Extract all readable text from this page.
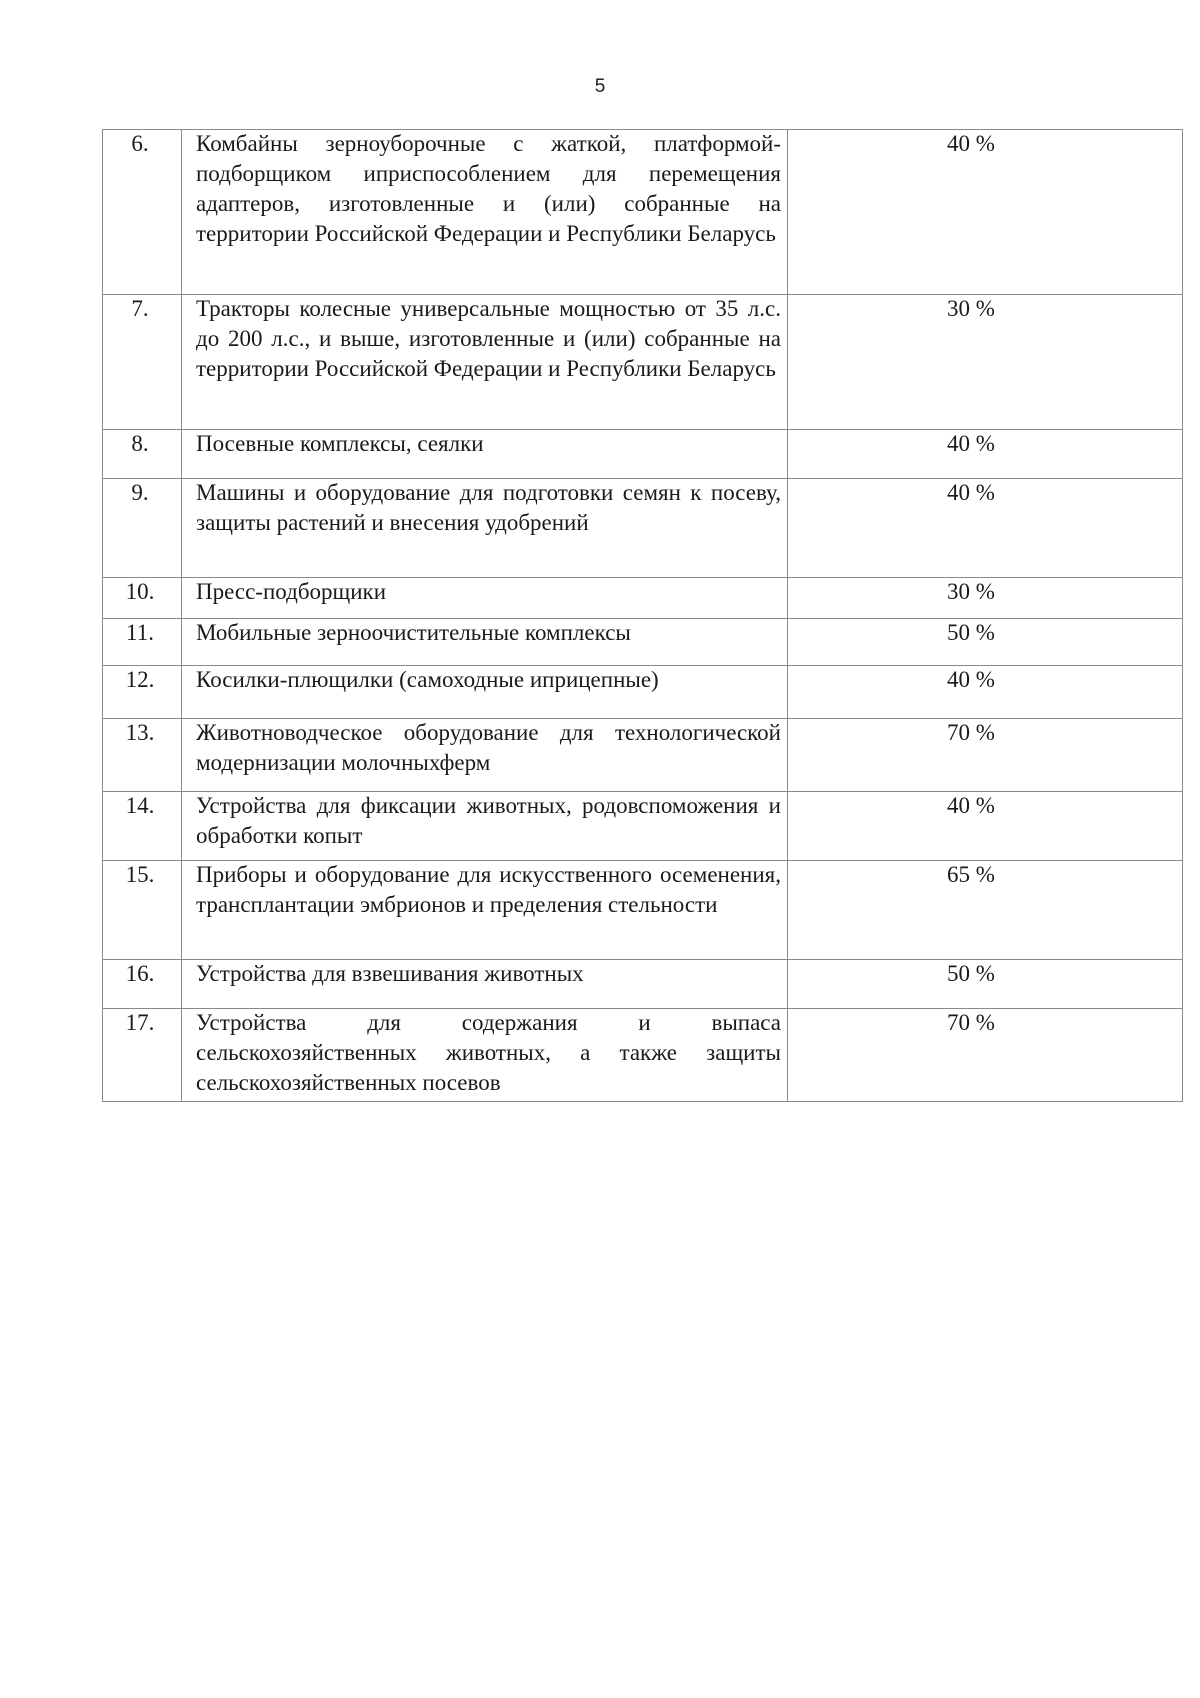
5
6.	Комбайны зерноуборочные с жаткой, платформой-подборщиком иприспособлением для перемещения адаптеров, изготовленные и (или) собранные на территории Российской Федерации и Республики Беларусь	40 %
7.	Тракторы колесные универсальные мощностью от 35 л.с. до 200 л.с., и выше, изготовленные и (или) собранные на территории Российской Федерации и Республики Беларусь	30 %
8.	Посевные комплексы, сеялки	40 %
9.	Машины и оборудование для подготовки семян к посеву, защиты растений и внесения удобрений	40 %
10.	Пресс-подборщики	30 %
11.	Мобильные зерноочистительные комплексы	50 %
12.	Косилки-плющилки (самоходные иприцепные)	40 %
13.	Животноводческое оборудование для технологической модернизации молочныхферм	70 %
14.	Устройства для фиксации животных, родовспоможения и обработки копыт	40 %
15.	Приборы и оборудование для искусственного осеменения, трансплантации эмбрионов и пределения стельности	65 %
16.	Устройства для взвешивания животных	50 %
17.	Устройства для содержания и выпаса сельскохозяйственных животных, а также защиты сельскохозяйственных посевов	70 %
